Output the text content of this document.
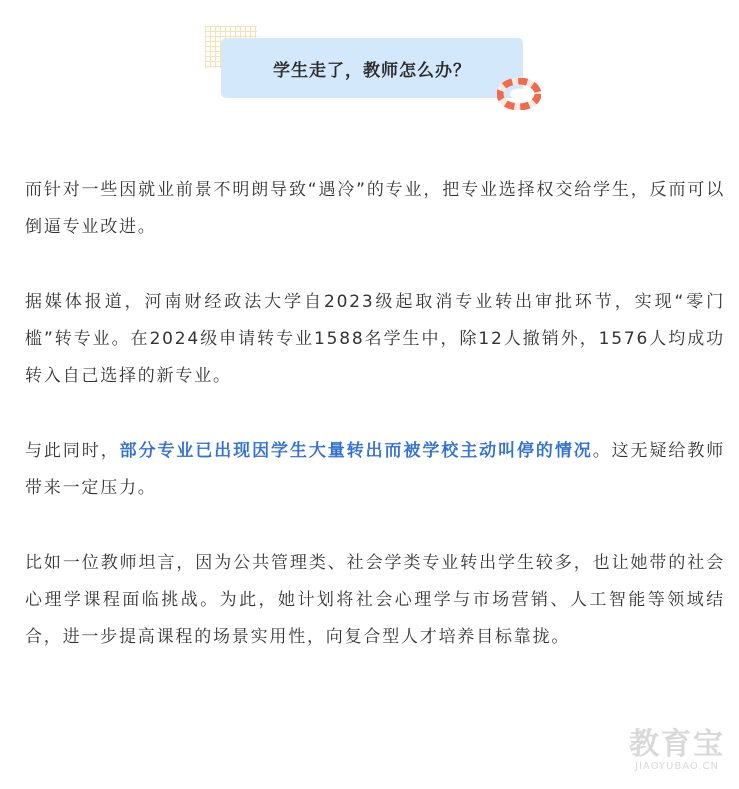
学生走了，教师怎么办？

而针对一些因就业前景不明朗导致“遇冷”的专业，把专业选择权交给学生，反而可以倒逼专业改进。

据媒体报道，河南财经政法大学自2023级起取消专业转出审批环节，实现“零门槛”转专业。在2024级申请转专业1588名学生中，除12人撤销外，1576人均成功转入自己选择的新专业。

与此同时，部分专业已出现因学生大量转出而被学校主动叫停的情况。这无疑给教师带来一定压力。

比如一位教师坦言，因为公共管理类、社会学类专业转出学生较多，也让她带的社会心理学课程面临挑战。为此，她计划将社会心理学与市场营销、人工智能等领域结合，进一步提高课程的场景实用性，向复合型人才培养目标靠拢。

教育宝
JIAOYUBAO.CN
